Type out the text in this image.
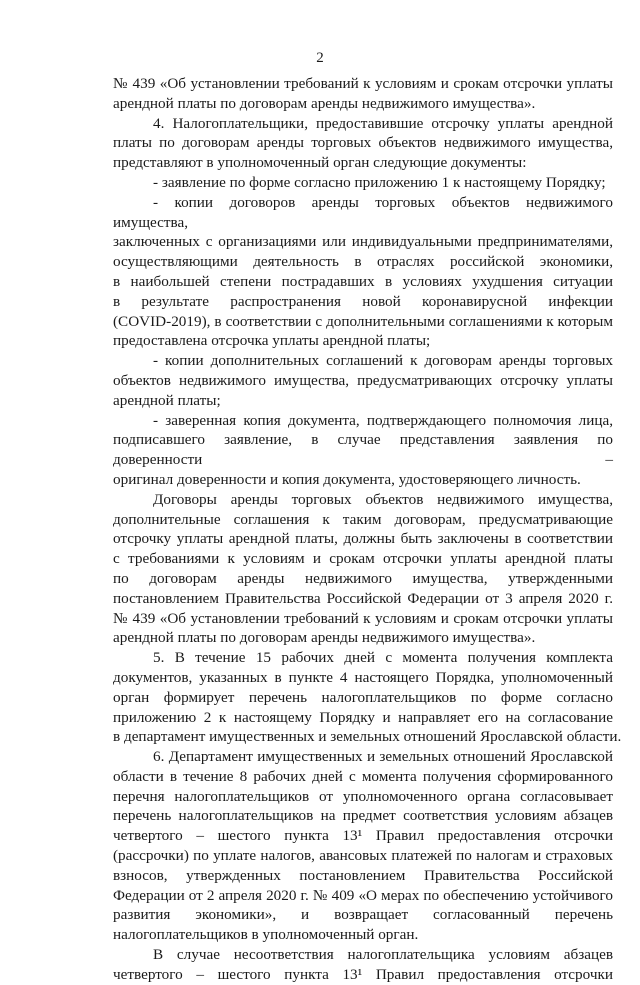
2
№ 439 «Об установлении требований к условиям и срокам отсрочки уплаты
арендной платы по договорам аренды недвижимого имущества».
4. Налогоплательщики, предоставившие отсрочку уплаты арендной
платы по договорам аренды торговых объектов недвижимого имущества,
представляют в уполномоченный орган следующие документы:
- заявление по форме согласно приложению 1 к настоящему Порядку;
- копии договоров аренды торговых объектов недвижимого имущества,
заключенных с организациями или индивидуальными предпринимателями,
осуществляющими деятельность в отраслях российской экономики,
в наибольшей степени пострадавших в условиях ухудшения ситуации
в результате распространения новой коронавирусной инфекции
(COVID-2019), в соответствии с дополнительными соглашениями к которым
предоставлена отсрочка уплаты арендной платы;
- копии дополнительных соглашений к договорам аренды торговых
объектов недвижимого имущества, предусматривающих отсрочку уплаты
арендной платы;
- заверенная копия документа, подтверждающего полномочия лица,
подписавшего заявление, в случае представления заявления по доверенности –
оригинал доверенности и копия документа, удостоверяющего личность.
Договоры аренды торговых объектов недвижимого имущества,
дополнительные соглашения к таким договорам, предусматривающие
отсрочку уплаты арендной платы, должны быть заключены в соответствии
с требованиями к условиям и срокам отсрочки уплаты арендной платы
по договорам аренды недвижимого имущества, утвержденными
постановлением Правительства Российской Федерации от 3 апреля 2020 г.
№ 439 «Об установлении требований к условиям и срокам отсрочки уплаты
арендной платы по договорам аренды недвижимого имущества».
5. В течение 15 рабочих дней с момента получения комплекта
документов, указанных в пункте 4 настоящего Порядка, уполномоченный
орган формирует перечень налогоплательщиков по форме согласно
приложению 2 к настоящему Порядку и направляет его на согласование
в департамент имущественных и земельных отношений Ярославской области.
6. Департамент имущественных и земельных отношений Ярославской
области в течение 8 рабочих дней с момента получения сформированного
перечня налогоплательщиков от уполномоченного органа согласовывает
перечень налогоплательщиков на предмет соответствия условиям абзацев
четвертого – шестого пункта 13¹ Правил предоставления отсрочки
(рассрочки) по уплате налогов, авансовых платежей по налогам и страховых
взносов, утвержденных постановлением Правительства Российской
Федерации от 2 апреля 2020 г. № 409 «О мерах по обеспечению устойчивого
развития экономики», и возвращает согласованный перечень
налогоплательщиков в уполномоченный орган.
В случае несоответствия налогоплательщика условиям абзацев
четвертого – шестого пункта 13¹ Правил предоставления отсрочки
